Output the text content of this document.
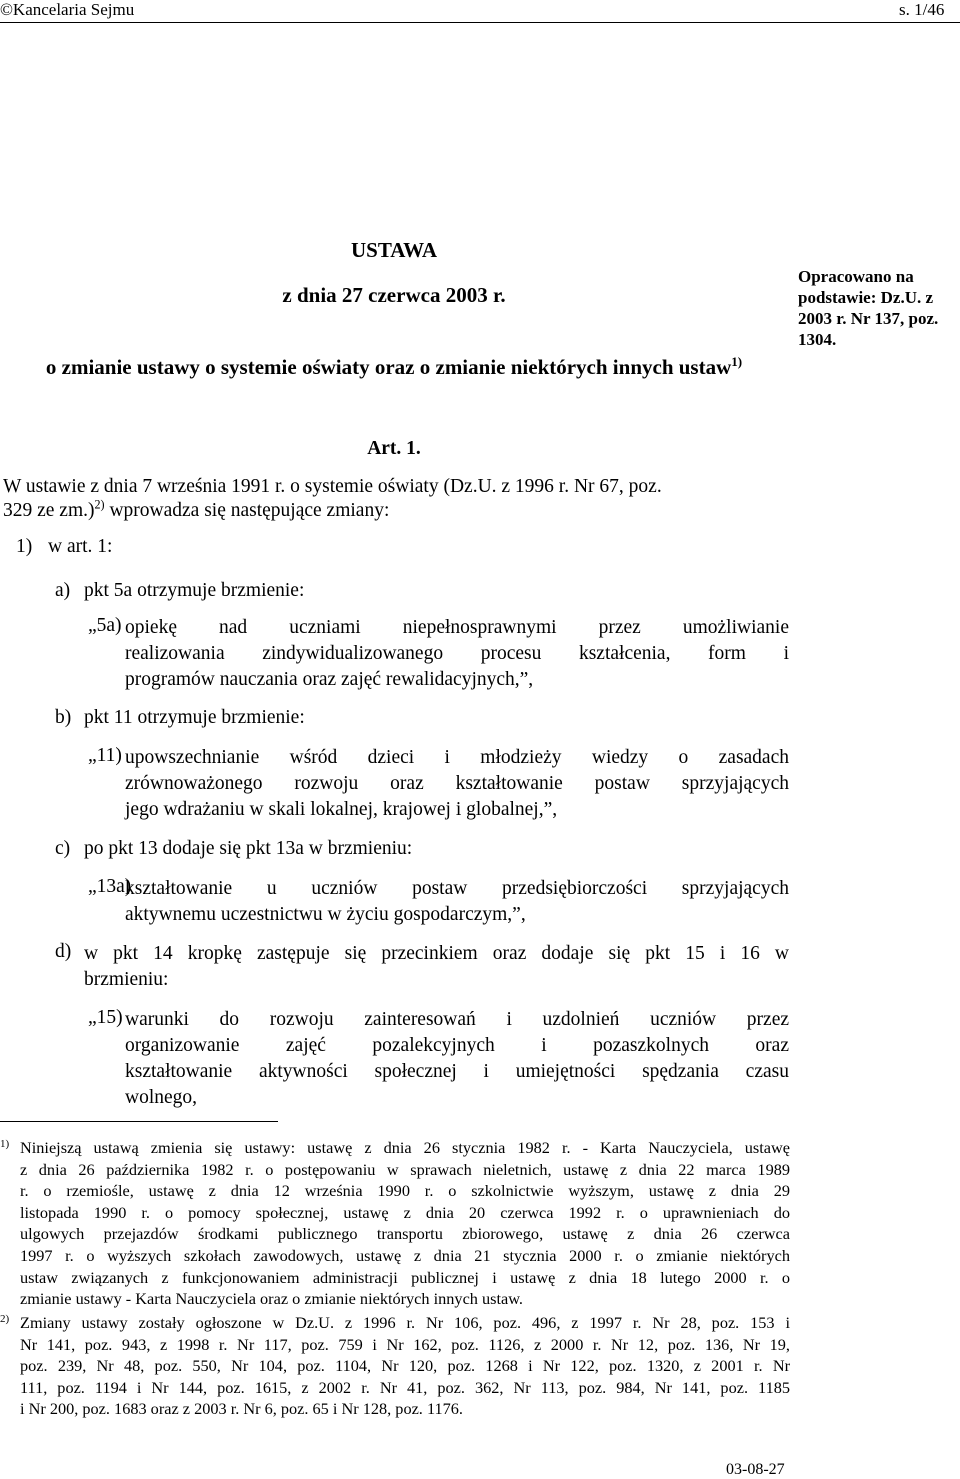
©Kancelaria Sejmu	s. 1/46
USTAWA
z dnia 27 czerwca 2003 r.
o zmianie ustawy o systemie oświaty oraz o zmianie niektórych innych ustaw$^{1)}$
Opracowano na podstawie: Dz.U. z 2003 r. Nr 137, poz. 1304.
Art. 1.
W ustawie z dnia 7 września 1991 r. o systemie oświaty (Dz.U. z 1996 r. Nr 67, poz.
329 ze zm.)$^{2)}$ wprowadza się następujące zmiany:
1) w art. 1:
a) pkt 5a otrzymuje brzmienie:
„5a) opiekę nad uczniami niepełnosprawnymi przez umożliwianie
realizowania zindywidualizowanego procesu kształcenia, form i
programów nauczania oraz zajęć rewalidacyjnych,”,
b) pkt 11 otrzymuje brzmienie:
„11) upowszechnianie wśród dzieci i młodzieży wiedzy o zasadach
zrównoważonego rozwoju oraz kształtowanie postaw sprzyjających
jego wdrażaniu w skali lokalnej, krajowej i globalnej,”,
c) po pkt 13 dodaje się pkt 13a w brzmieniu:
„13a)
kształtowanie u uczniów postaw przedsiębiorczości sprzyjających
aktywnemu uczestnictwu w życiu gospodarczym,”,
d) w pkt 14 kropkę zastępuje się przecinkiem oraz dodaje się pkt 15 i 16 w
brzmieniu:
„15) warunki do rozwoju zainteresowań i uzdolnień uczniów przez
organizowanie zajęć pozalekcyjnych i pozaszkolnych oraz
kształtowanie aktywności społecznej i umiejętności spędzania czasu
wolnego,
1) Niniejszą ustawą zmienia się ustawy: ustawę z dnia 26 stycznia 1982 r. - Karta Nauczyciela, ustawę
z dnia 26 października 1982 r. o postępowaniu w sprawach nieletnich, ustawę z dnia 22 marca 1989
r. o rzemiośle, ustawę z dnia 12 września 1990 r. o szkolnictwie wyższym, ustawę z dnia 29
listopada 1990 r. o pomocy społecznej, ustawę z dnia 20 czerwca 1992 r. o uprawnieniach do
ulgowych przejazdów środkami publicznego transportu zbiorowego, ustawę z dnia 26 czerwca
1997 r. o wyższych szkołach zawodowych, ustawę z dnia 21 stycznia 2000 r. o zmianie niektórych
ustaw związanych z funkcjonowaniem administracji publicznej i ustawę z dnia 18 lutego 2000 r. o
zmianie ustawy - Karta Nauczyciela oraz o zmianie niektórych innych ustaw.
2) Zmiany ustawy zostały ogłoszone w Dz.U. z 1996 r. Nr 106, poz. 496, z 1997 r. Nr 28, poz. 153 i
Nr 141, poz. 943, z 1998 r. Nr 117, poz. 759 i Nr 162, poz. 1126, z 2000 r. Nr 12, poz. 136, Nr 19,
poz. 239, Nr 48, poz. 550, Nr 104, poz. 1104, Nr 120, poz. 1268 i Nr 122, poz. 1320, z 2001 r. Nr
111, poz. 1194 i Nr 144, poz. 1615, z 2002 r. Nr 41, poz. 362, Nr 113, poz. 984, Nr 141, poz. 1185
i Nr 200, poz. 1683 oraz z 2003 r. Nr 6, poz. 65 i Nr 128, poz. 1176.
03-08-27
